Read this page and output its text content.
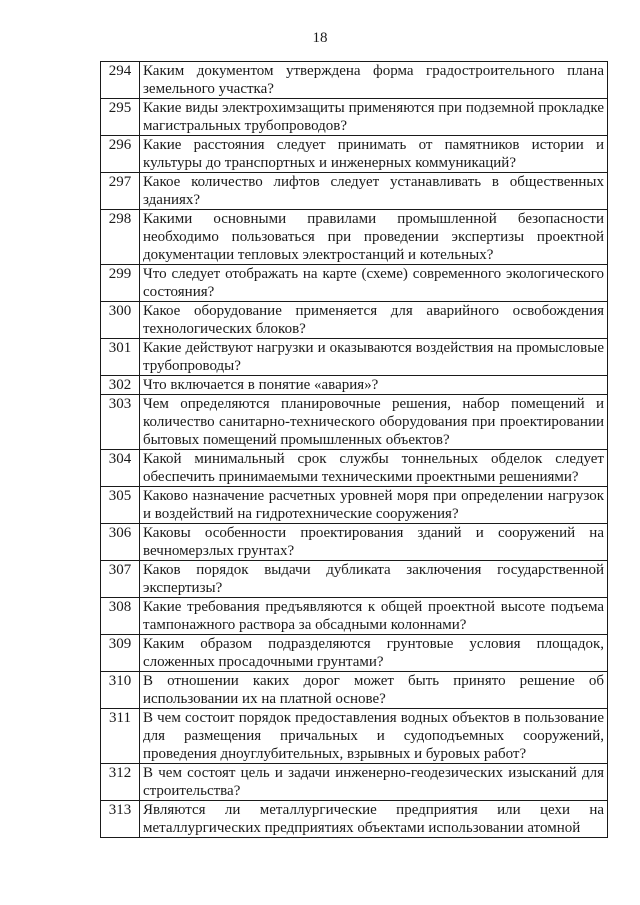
18
294	Каким документом утверждена форма градостроительного плана земельного участка?
295	Какие виды электрохимзащиты применяются при подземной прокладке магистральных трубопроводов?
296	Какие расстояния следует принимать от памятников истории и культуры до транспортных и инженерных коммуникаций?
297	Какое количество лифтов следует устанавливать в общественных зданиях?
298	Какими основными правилами промышленной безопасности необходимо пользоваться при проведении экспертизы проектной документации тепловых электростанций и котельных?
299	Что следует отображать на карте (схеме) современного экологического состояния?
300	Какое оборудование применяется для аварийного освобождения технологических блоков?
301	Какие действуют нагрузки и оказываются воздействия на промысловые трубопроводы?
302	Что включается в понятие «авария»?
303	Чем определяются планировочные решения, набор помещений и количество санитарно-технического оборудования при проектировании бытовых помещений промышленных объектов?
304	Какой минимальный срок службы тоннельных обделок следует обеспечить принимаемыми техническими проектными решениями?
305	Каково назначение расчетных уровней моря при определении нагрузок и воздействий на гидротехнические сооружения?
306	Каковы особенности проектирования зданий и сооружений на вечномерзлых грунтах?
307	Каков порядок выдачи дубликата заключения государственной экспертизы?
308	Какие требования предъявляются к общей проектной высоте подъема тампонажного раствора за обсадными колоннами?
309	Каким образом подразделяются грунтовые условия площадок, сложенных просадочными грунтами?
310	В отношении каких дорог может быть принято решение об использовании их на платной основе?
311	В чем состоит порядок предоставления водных объектов в пользование для размещения причальных и судоподъемных сооружений, проведения дноуглубительных, взрывных и буровых работ?
312	В чем состоят цель и задачи инженерно-геодезических изысканий для строительства?
313	Являются ли металлургические предприятия или цехи на металлургических предприятиях объектами использовании атомной
